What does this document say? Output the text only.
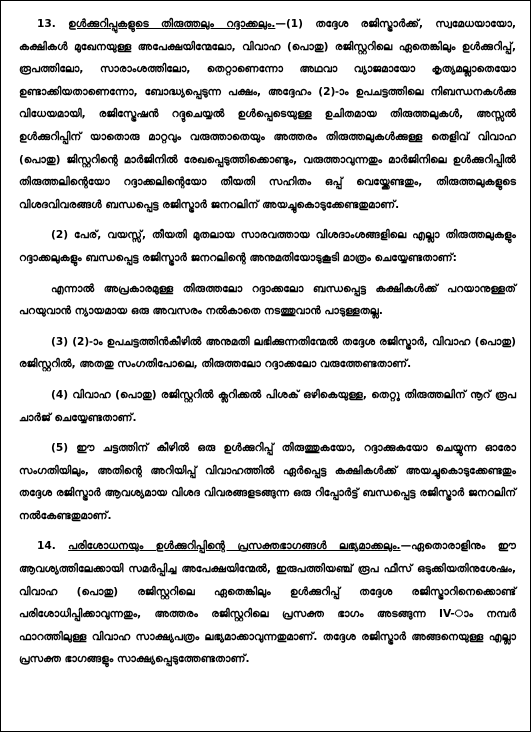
13. ഉൾക്കുറിപ്പുകളുടെ തിരുത്തലും റദ്ദാക്കലും.—(1) തദ്ദേശ രജിസ്ട്രാർക്ക്, സ്വമേധയായോ, കക്ഷികൾ മുഖേനയുള്ള അപേക്ഷയിന്മേലോ, വിവാഹ (പൊതു) രജിസ്റ്ററിലെ ഏതെങ്കിലും ഉൾക്കുറിപ്പ്, രൂപത്തിലോ, സാരാംശത്തിലോ, തെറ്റാണെന്നോ അഥവാ വ്യാജമായോ കൃത്യമല്ലാതെയോ ഉണ്ടാക്കിയതാണെന്നോ, ബോദ്ധ്യപ്പെടുന്ന പക്ഷം, അദ്ദേഹം (2)-ാം ഉപചട്ടത്തിലെ നിബന്ധനകൾക്കു വിധേയമായി, രജിസ്ട്രേഷൻ റദ്ദുചെയ്യൽ ഉൾപ്പെടെയുള്ള ഉചിതമായ തിരുത്തലുകൾ, അസ്സൽ ഉൾക്കുറിപ്പിന് യാതൊരു മാറ്റവും വരുത്താതെയും അത്തരം തിരുത്തലുകൾക്കുള്ള തെളിവ് വിവാഹ (പൊതു) ജിസ്റ്ററിന്റെ മാർജിനിൽ രേഖപ്പെടുത്തിക്കൊണ്ടും, വരുത്താവുന്നതും മാർജിനിലെ ഉൾക്കുറിപ്പിൽ തിരുത്തലിന്റെയോ റദ്ദാക്കലിന്റെയോ തീയതി സഹിതം ഒപ്പ് വെയ്ക്കേണ്ടതും, തിരുത്തലുകളുടെ വിശദവിവരങ്ങൾ ബന്ധപ്പെട്ട രജിസ്ട്രാർ ജനറലിന് അയച്ചുകൊടുക്കേണ്ടതുമാണ്.

(2) പേര്, വയസ്സ്, തീയതി മുതലായ സാരവത്തായ വിശദാംശങ്ങളിലെ എല്ലാ തിരുത്തലുകളും റദ്ദാക്കലുകളും ബന്ധപ്പെട്ട രജിസ്ട്രാർ ജനറലിന്റെ അനുമതിയോടുകൂടി മാത്രം ചെയ്യേണ്ടതാണ്:

എന്നാൽ അപ്രകാരമുള്ള തിരുത്തലോ റദ്ദാക്കലോ ബന്ധപ്പെട്ട കക്ഷികൾക്ക് പറയാനുള്ളത് പറയുവാൻ ന്യായമായ ഒരു അവസരം നൽകാതെ നടത്തുവാൻ പാടുള്ളതല്ല.

(3) (2)-ാം ഉപചട്ടത്തിൻകീഴിൽ അനുമതി ലഭിക്കുന്നതിന്മേൽ തദ്ദേശ രജിസ്ട്രാർ, വിവാഹ (പൊതു) രജിസ്റ്ററിൽ, അതതു സംഗതിപോലെ, തിരുത്തലോ റദ്ദാക്കലോ വരുത്തേണ്ടതാണ്.

(4) വിവാഹ (പൊതു) രജിസ്റ്ററിൽ ക്ലറിക്കൽ പിശക് ഒഴികെയുള്ള, തെറ്റു തിരുത്തലിന് നൂറ് രൂപ ചാർജ് ചെയ്യേണ്ടതാണ്.

(5) ഈ ചട്ടത്തിന് കീഴിൽ ഒരു ഉൾക്കുറിപ്പ് തിരുത്തുകയോ, റദ്ദാക്കുകയോ ചെയ്യുന്ന ഓരോ സംഗതിയിലും, അതിന്റെ അറിയിപ്പ് വിവാഹത്തിൽ ഏർപ്പെട്ട കക്ഷികൾക്ക് അയച്ചുകൊടുക്കേണ്ടതും തദ്ദേശ രജിസ്ട്രാർ ആവശ്യമായ വിശദ വിവരങ്ങളടങ്ങുന്ന ഒരു റിപ്പോർട്ട് ബന്ധപ്പെട്ട രജിസ്ട്രാർ ജനറലിന് നൽകേണ്ടതുമാണ്.

14. പരിശോധനയും ഉൾക്കുറിപ്പിന്റെ പ്രസക്തഭാഗങ്ങൾ ലഭ്യമാക്കലും.—ഏതൊരാളിനും ഈ ആവശ്യത്തിലേക്കായി സമർപ്പിച്ച അപേക്ഷയിന്മേൽ, ഇരുപത്തിയഞ്ച് രൂപ ഫീസ് ഒടുക്കിയതിനുശേഷം, വിവാഹ (പൊതു) രജിസ്റ്ററിലെ ഏതെങ്കിലും ഉൾക്കുറിപ്പ് തദ്ദേശ രജിസ്ട്രാറിനെക്കൊണ്ട് പരിശോധിപ്പിക്കാവുന്നതും, അത്തരം രജിസ്റ്ററിലെ പ്രസക്ത ഭാഗം അടങ്ങുന്ന IV-ാം നമ്പർ ഫാറത്തിലുള്ള വിവാഹ സാക്ഷ്യപത്രം ലഭ്യമാക്കാവുന്നതുമാണ്. തദ്ദേശ രജിസ്ട്രാർ അങ്ങനെയുള്ള എല്ലാ പ്രസക്ത ഭാഗങ്ങളും സാക്ഷ്യപ്പെടുത്തേണ്ടതാണ്.
